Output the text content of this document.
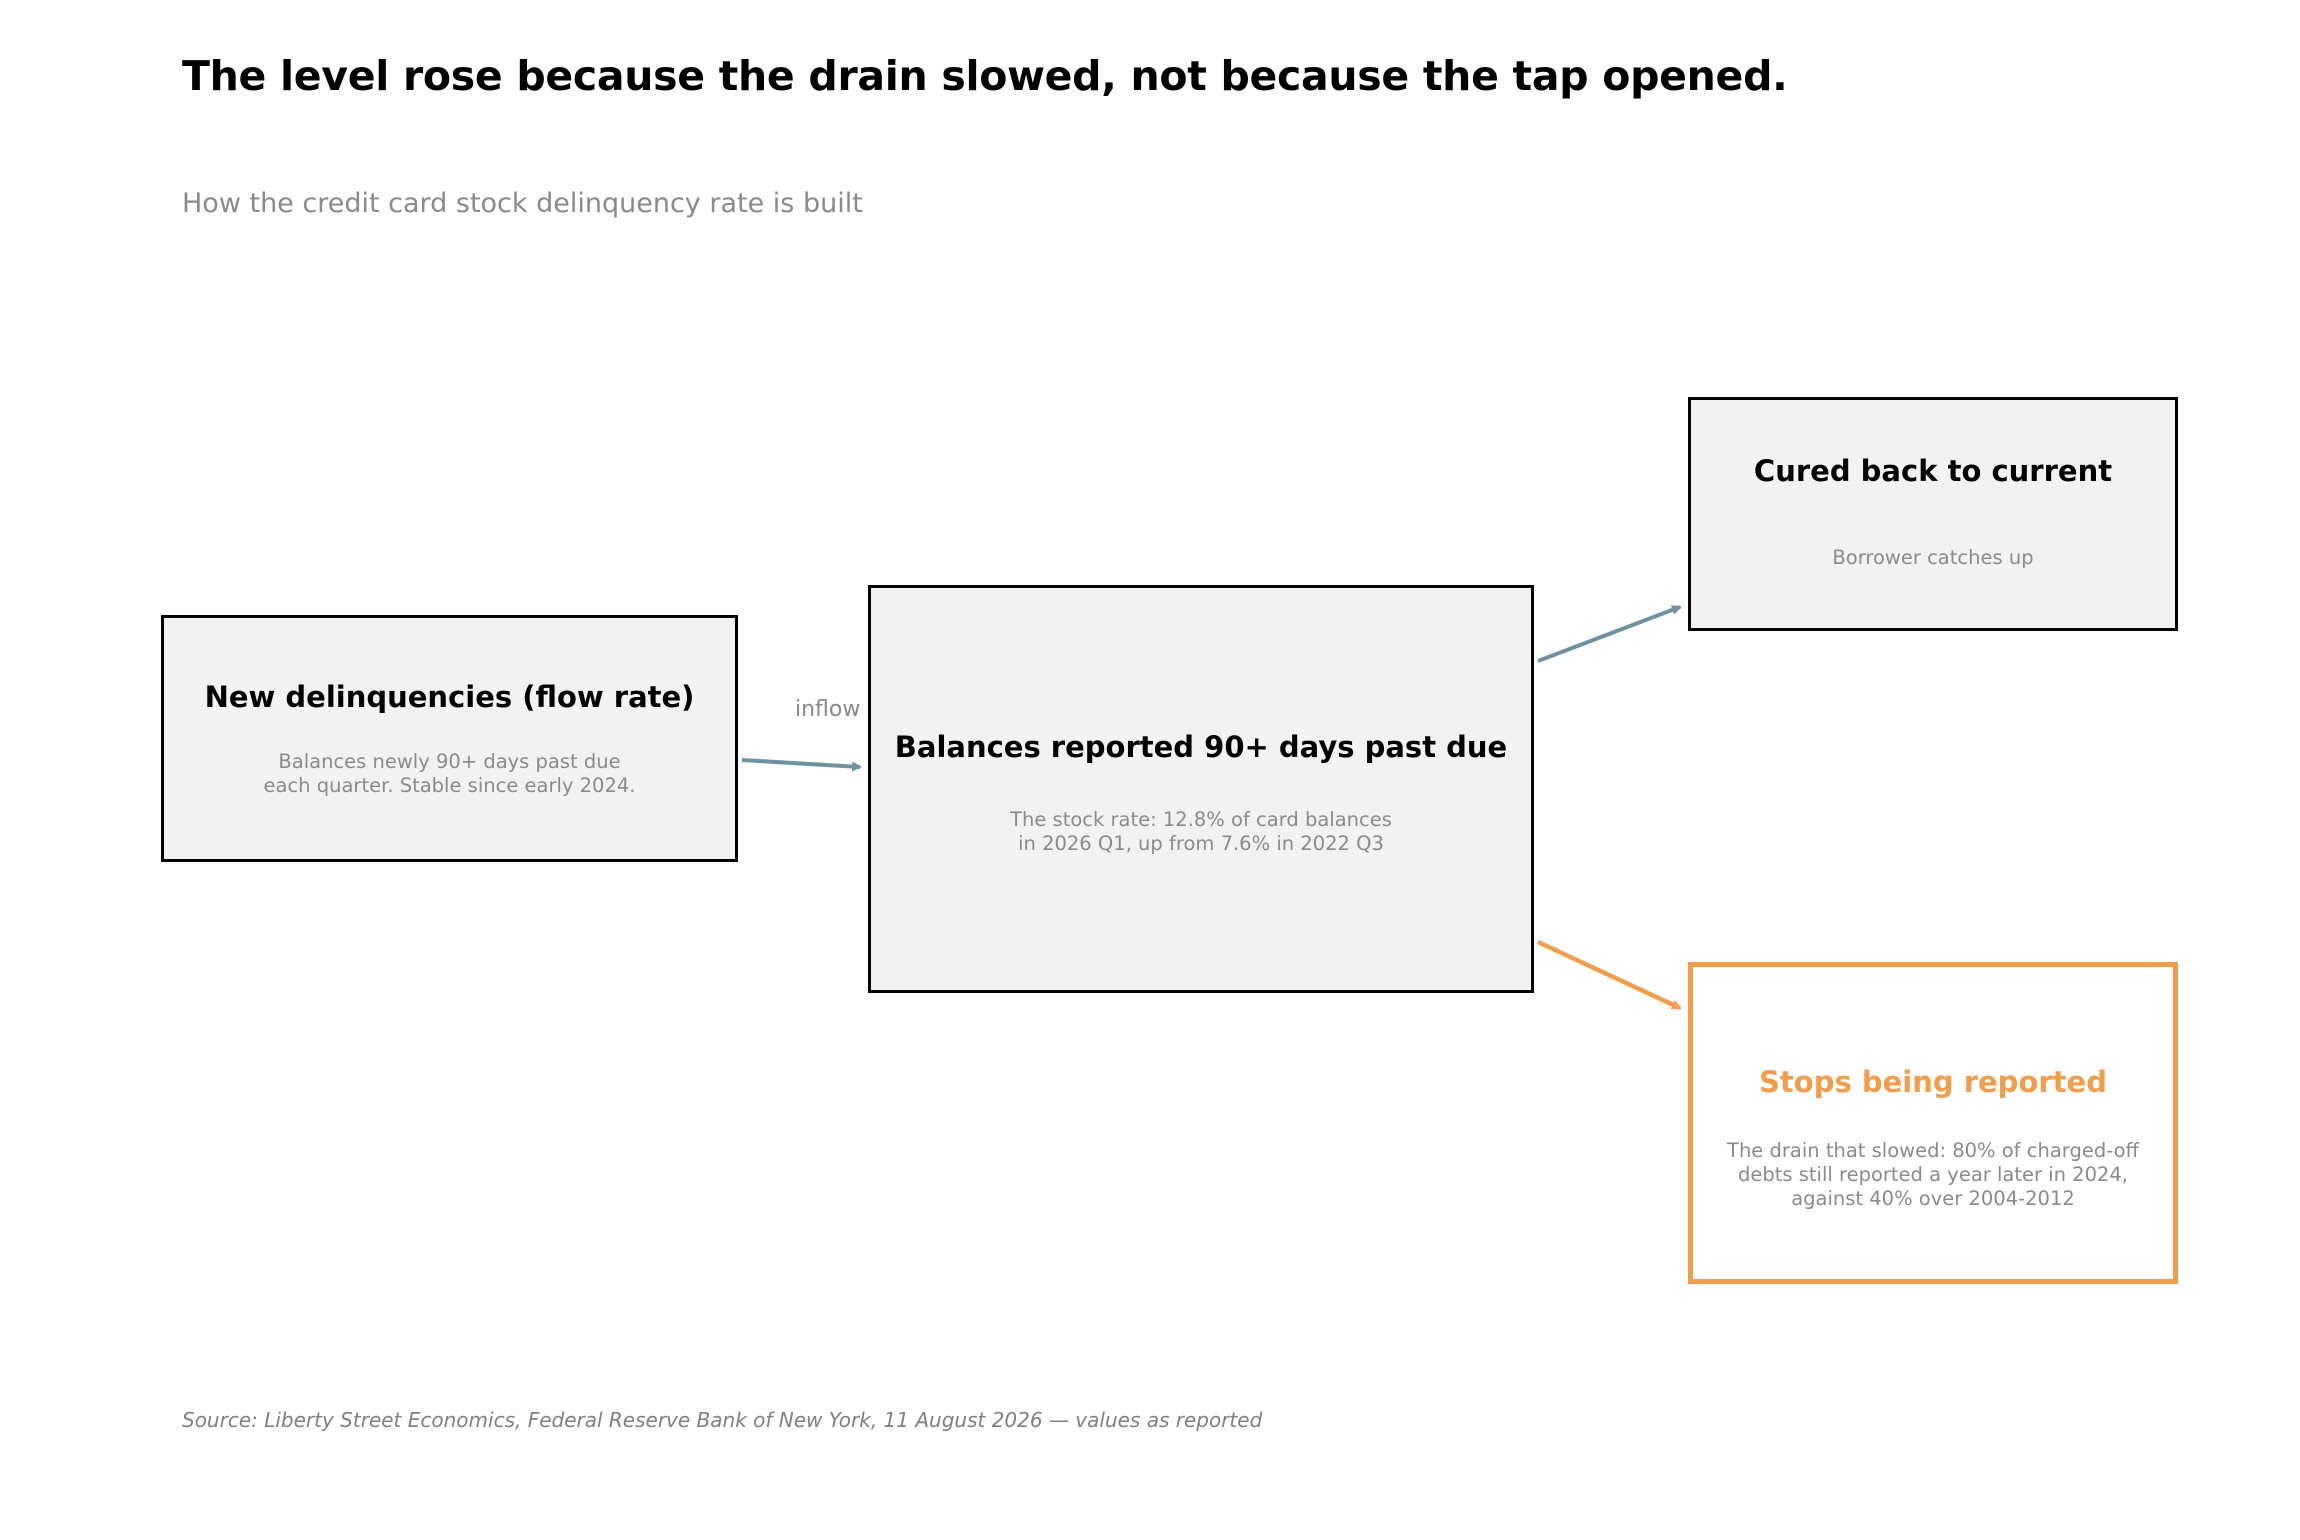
The level rose because the drain slowed, not because the tap opened.
How the credit card stock delinquency rate is built
inflow
New delinquencies (flow rate)
Balances newly 90+ days past due
each quarter. Stable since early 2024.
Balances reported 90+ days past due
The stock rate: 12.8% of card balances
in 2026 Q1, up from 7.6% in 2022 Q3
Cured back to current
Borrower catches up
Stops being reported
The drain that slowed: 80% of charged-off
debts still reported a year later in 2024,
against 40% over 2004-2012
Source: Liberty Street Economics, Federal Reserve Bank of New York, 11 August 2026 — values as reported
